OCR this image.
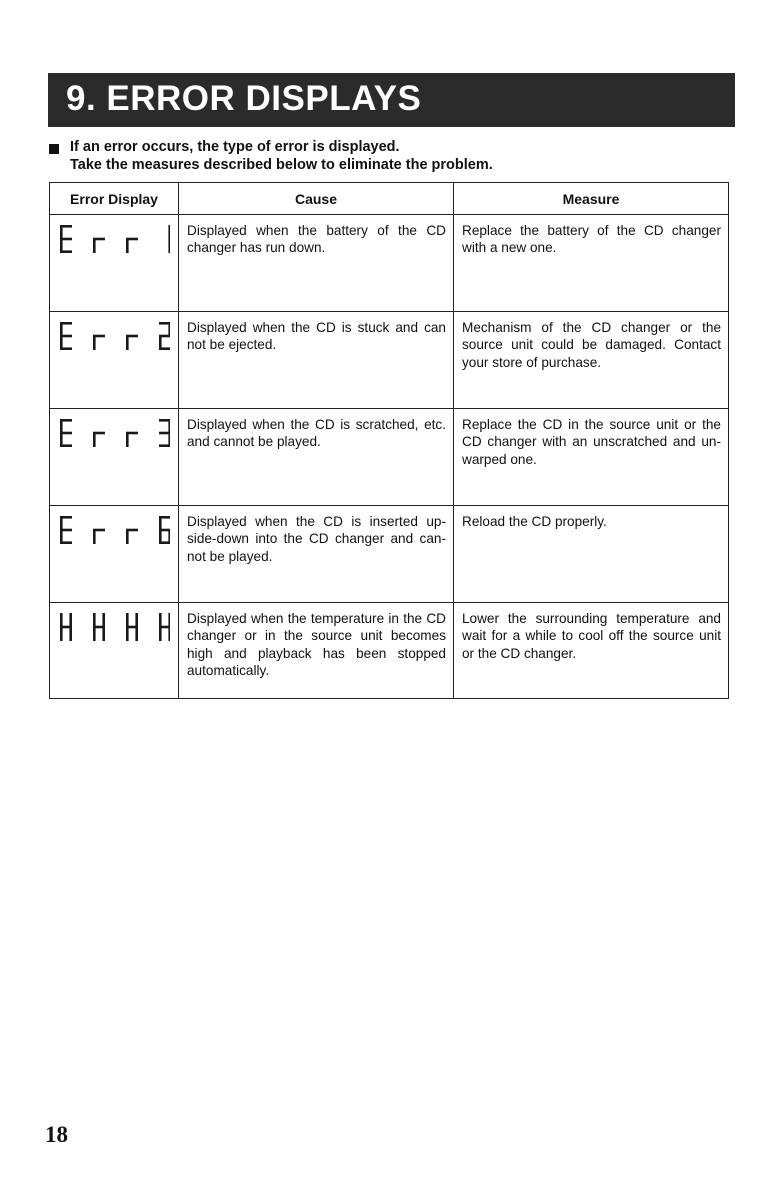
9. ERROR DISPLAYS
If an error occurs, the type of error is displayed.
Take the measures described below to eliminate the problem.
Error Display	Cause	Measure

	Displayed when the battery of the CD changer has run down.	Replace the battery of the CD changer with a new one.

	Displayed when the CD is stuck and can not be ejected.	Mechanism of the CD changer or the source unit could be damaged. Contact your store of purchase.

	Displayed when the CD is scratched, etc. and cannot be played.	Replace the CD in the source unit or the CD changer with an unscratched and un-warped one.

	Displayed when the CD is inserted up-side-down into the CD changer and can-not be played.	Reload the CD properly.

	Displayed when the temperature in the CD changer or in the source unit becomes high and playback has been stopped automatically.	Lower the surrounding temperature and wait for a while to cool off the source unit or the CD changer.
18
